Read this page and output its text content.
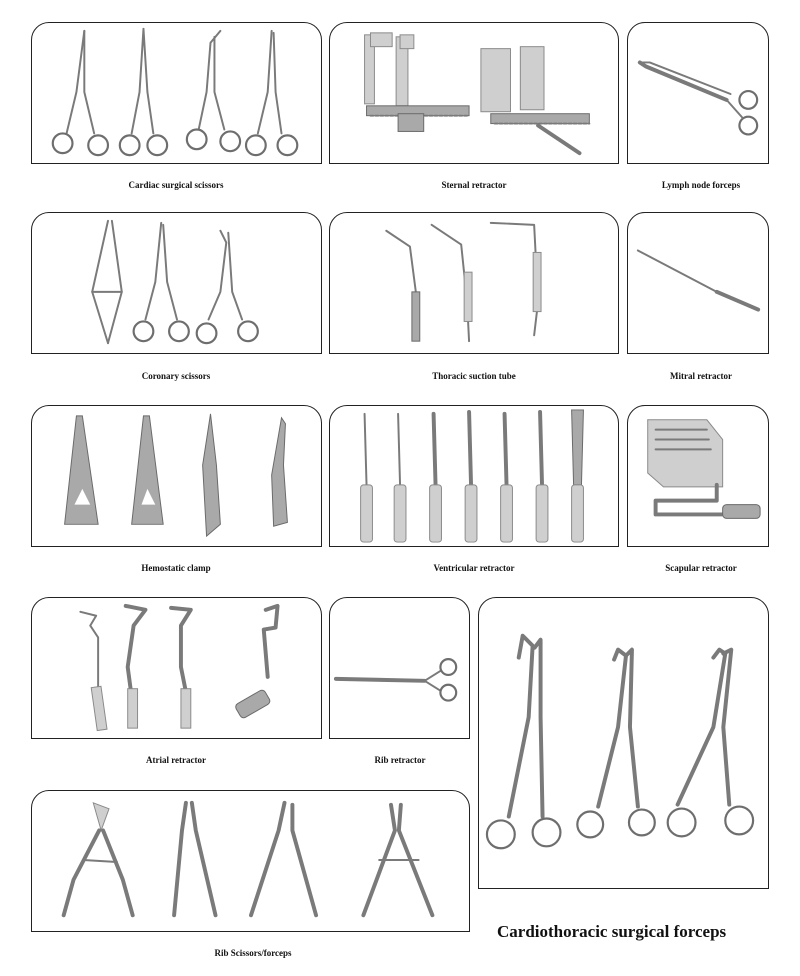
Cardiac surgical scissors	Sternal retractor	Lymph node forceps
Coronary scissors	Thoracic suction tube	Mitral retractor
Hemostatic clamp	Ventricular retractor	Scapular retractor
Atrial retractor	Rib retractor
Rib Scissors/forceps
Cardiothoracic surgical forceps
